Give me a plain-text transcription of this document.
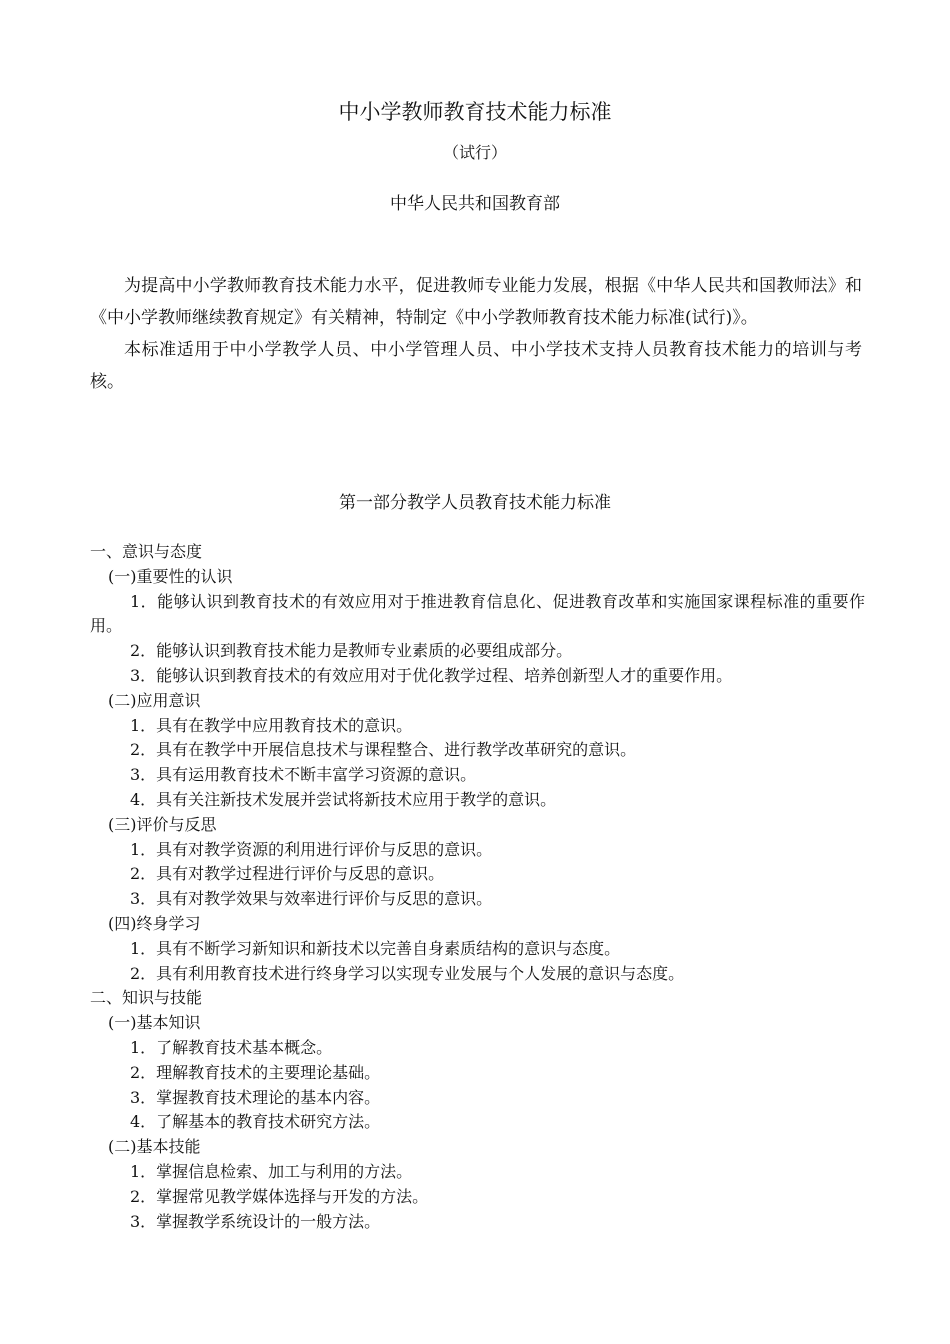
中小学教师教育技术能力标准
（试行）
中华人民共和国教育部

为提高中小学教师教育技术能力水平，促进教师专业能力发展，根据《中华人民共和国教师法》和《中小学教师继续教育规定》有关精神，特制定《中小学教师教育技术能力标准(试行)》。

本标准适用于中小学教学人员、中小学管理人员、中小学技术支持人员教育技术能力的培训与考核。

第一部分教学人员教育技术能力标准
一、意识与态度
(一)重要性的认识
1．能够认识到教育技术的有效应用对于推进教育信息化、促进教育改革和实施国家课程标准的重要作用。
2．能够认识到教育技术能力是教师专业素质的必要组成部分。
3．能够认识到教育技术的有效应用对于优化教学过程、培养创新型人才的重要作用。
(二)应用意识
1．具有在教学中应用教育技术的意识。
2．具有在教学中开展信息技术与课程整合、进行教学改革研究的意识。
3．具有运用教育技术不断丰富学习资源的意识。
4．具有关注新技术发展并尝试将新技术应用于教学的意识。
(三)评价与反思
1．具有对教学资源的利用进行评价与反思的意识。
2．具有对教学过程进行评价与反思的意识。
3．具有对教学效果与效率进行评价与反思的意识。
(四)终身学习
1．具有不断学习新知识和新技术以完善自身素质结构的意识与态度。
2．具有利用教育技术进行终身学习以实现专业发展与个人发展的意识与态度。
二、知识与技能
(一)基本知识
1．了解教育技术基本概念。
2．理解教育技术的主要理论基础。
3．掌握教育技术理论的基本内容。
4．了解基本的教育技术研究方法。
(二)基本技能
1．掌握信息检索、加工与利用的方法。
2．掌握常见教学媒体选择与开发的方法。
3．掌握教学系统设计的一般方法。
